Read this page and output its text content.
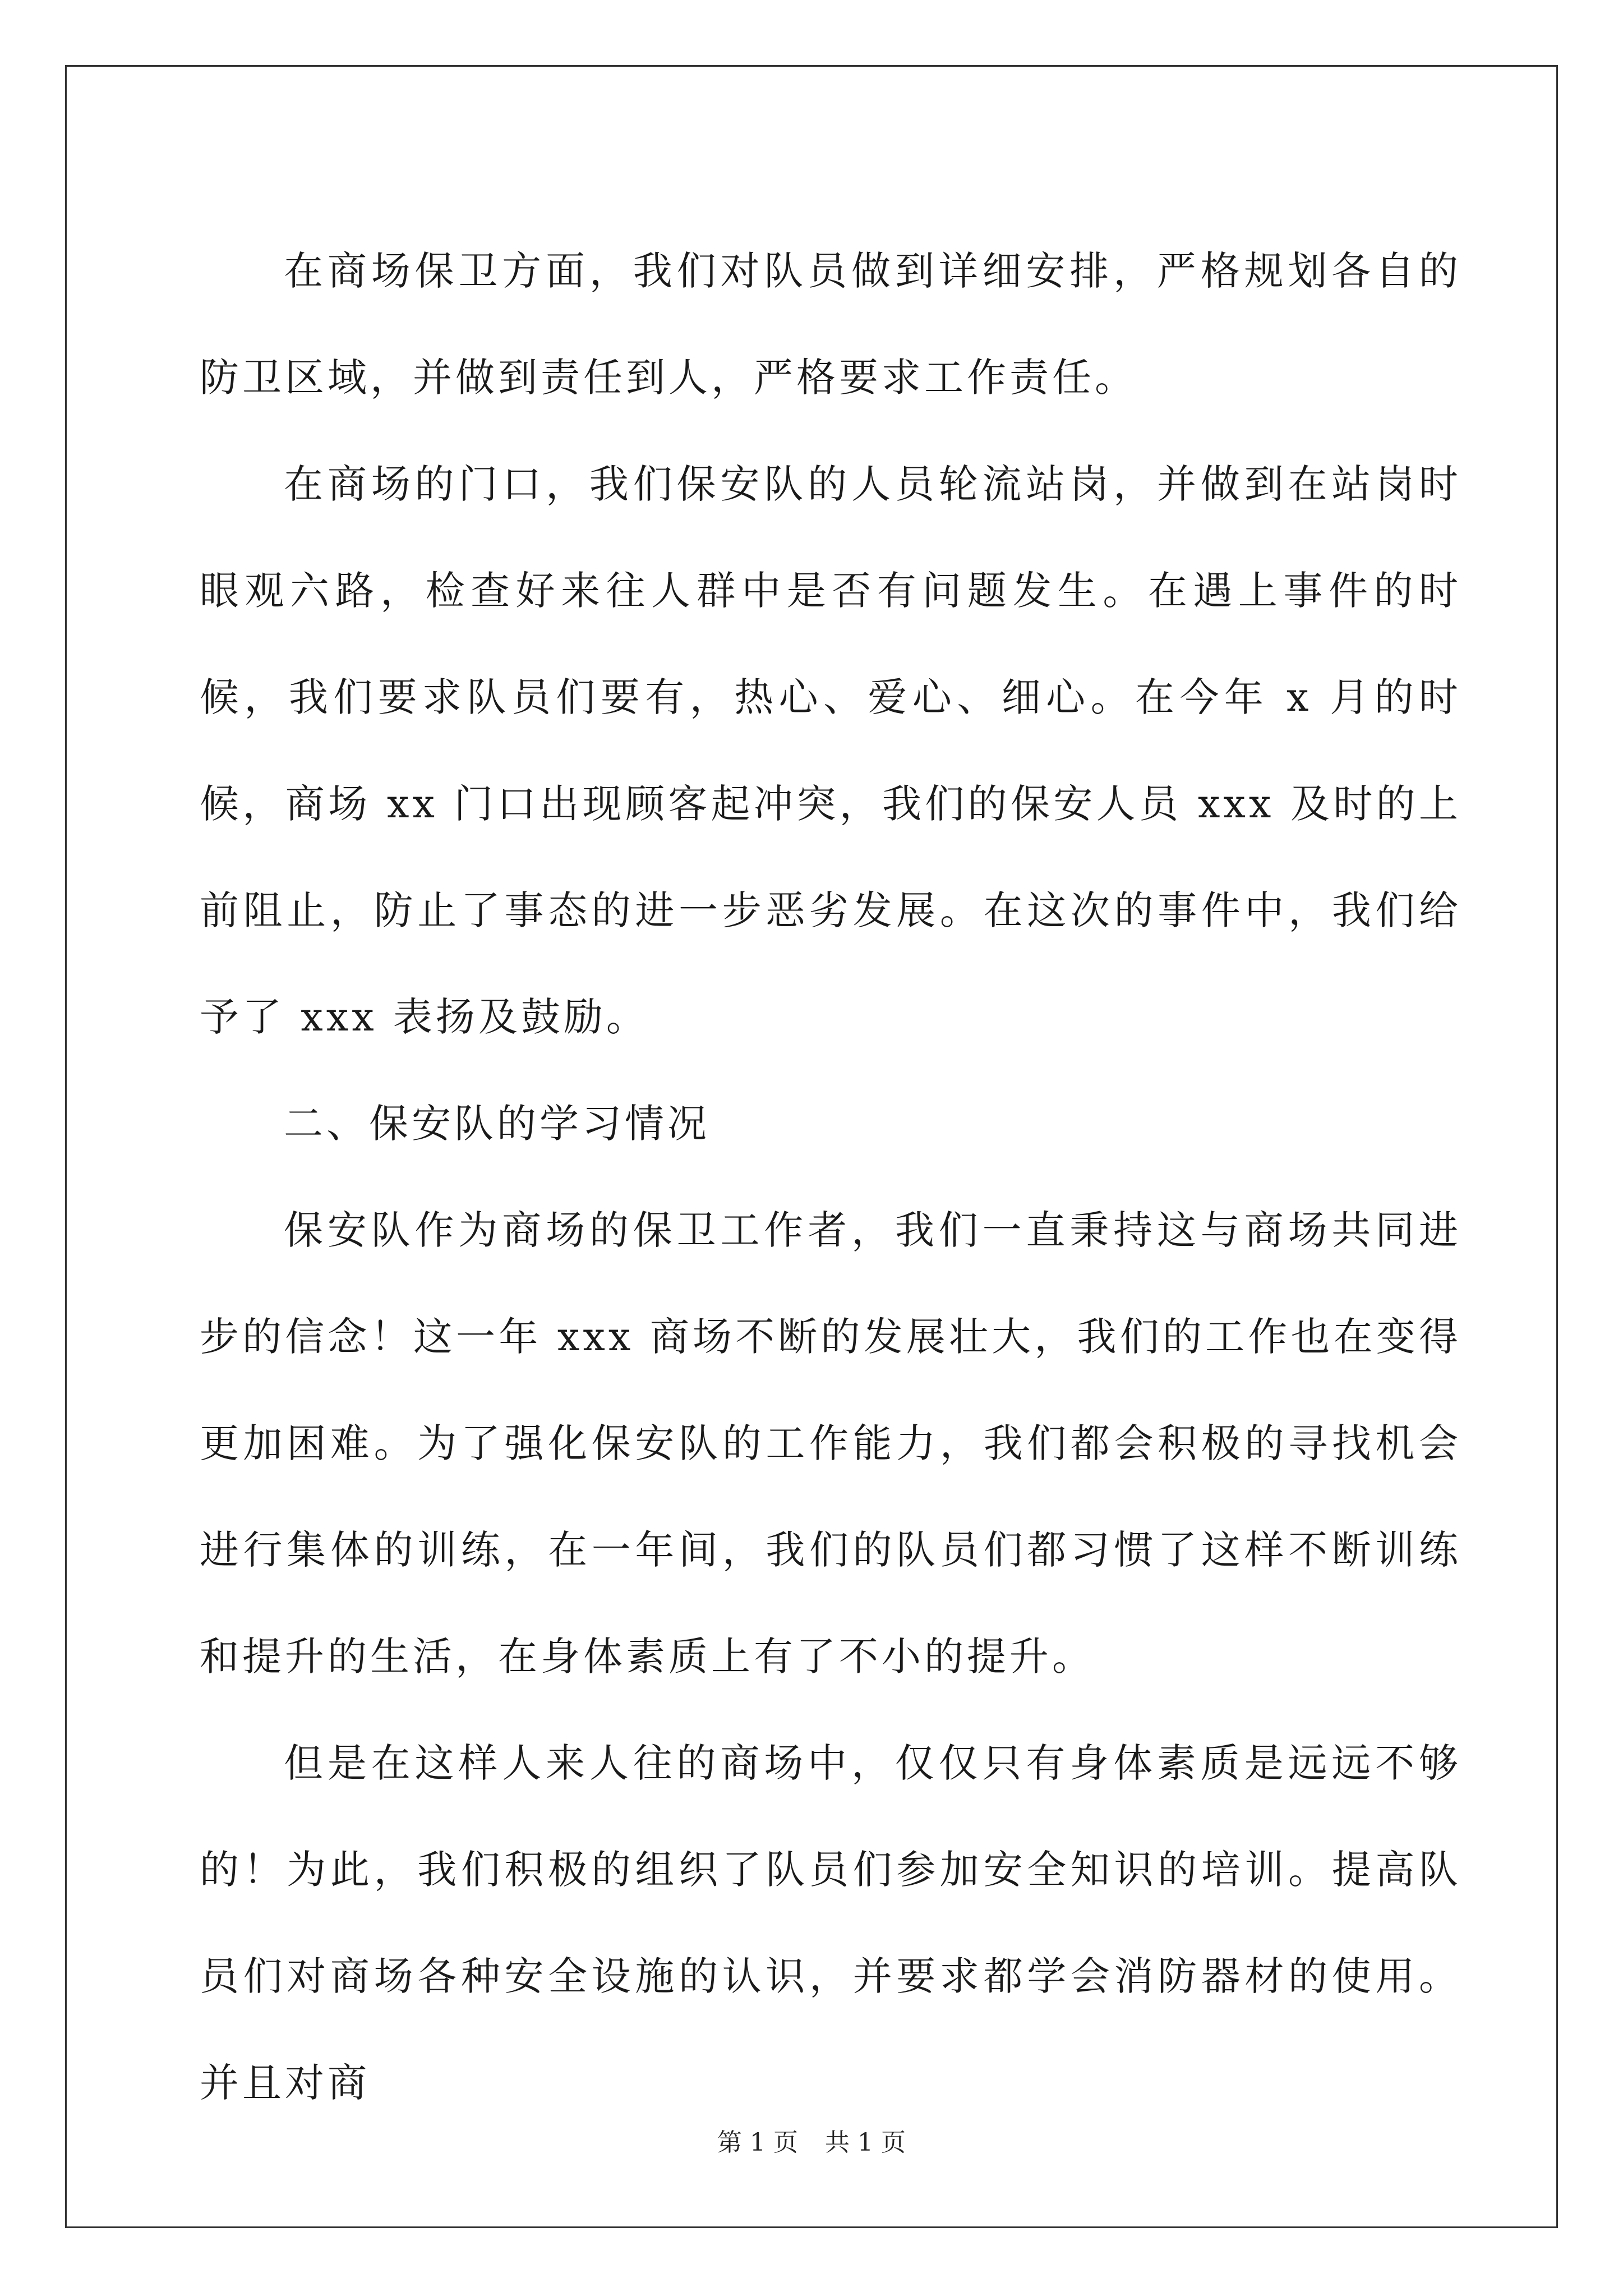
在商场保卫方面，我们对队员做到详细安排，严格规划各自的防卫区域，并做到责任到人，严格要求工作责任。

在商场的门口，我们保安队的人员轮流站岗，并做到在站岗时眼观六路，检查好来往人群中是否有问题发生。在遇上事件的时候，我们要求队员们要有，热心、爱心、细心。在今年 x 月的时候，商场 xx 门口出现顾客起冲突，我们的保安人员 xxx 及时的上前阻止，防止了事态的进一步恶劣发展。在这次的事件中，我们给予了 xxx 表扬及鼓励。

二、保安队的学习情况

保安队作为商场的保卫工作者，我们一直秉持这与商场共同进步的信念！这一年 xxx 商场不断的发展壮大，我们的工作也在变得更加困难。为了强化保安队的工作能力，我们都会积极的寻找机会进行集体的训练，在一年间，我们的队员们都习惯了这样不断训练和提升的生活，在身体素质上有了不小的提升。

但是在这样人来人往的商场中，仅仅只有身体素质是远远不够的！为此，我们积极的组织了队员们参加安全知识的培训。提高队员们对商场各种安全设施的认识，并要求都学会消防器材的使用。并且对商

第 1 页 共 1 页
